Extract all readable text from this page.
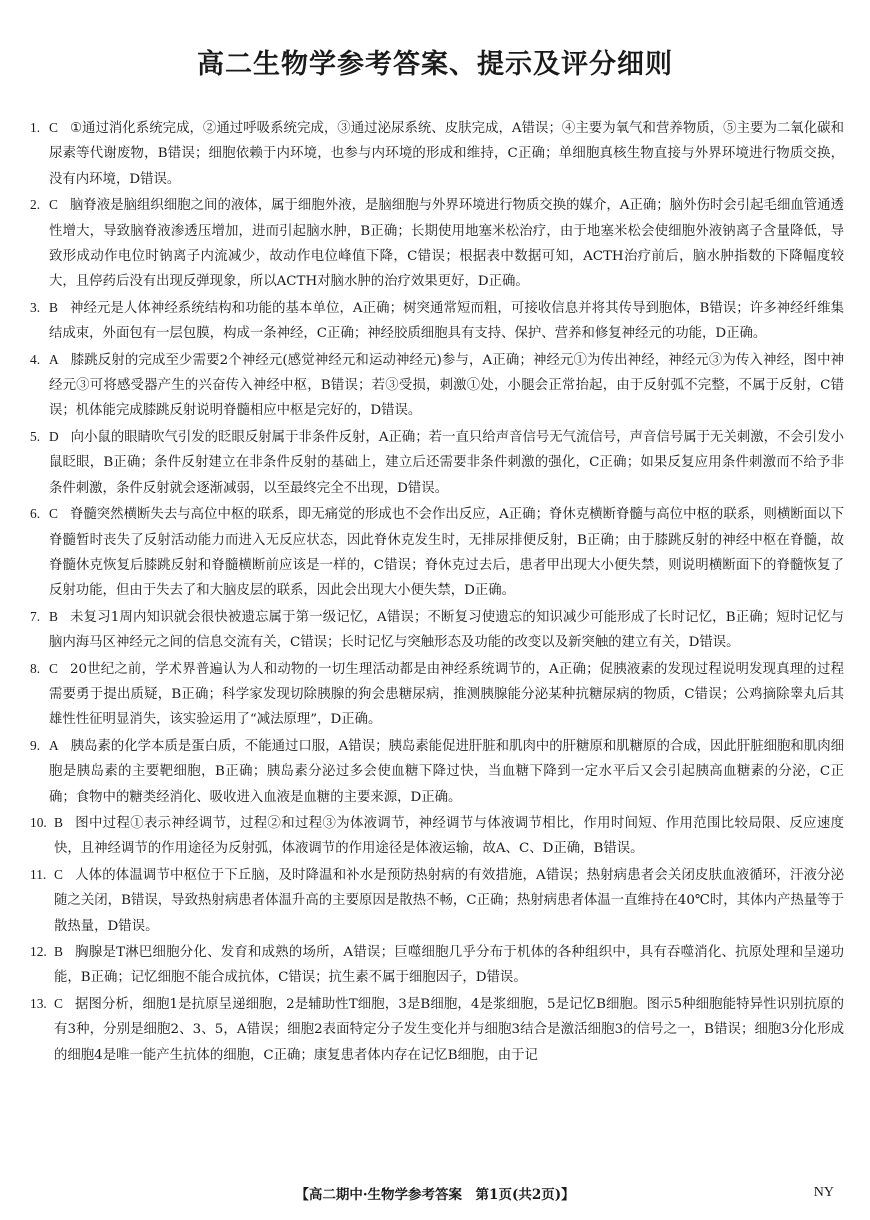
高二生物学参考答案、提示及评分细则
1. C ①通过消化系统完成，②通过呼吸系统完成，③通过泌尿系统、皮肤完成，A错误；④主要为氧气和营养物质，⑤主要为二氧化碳和尿素等代谢废物，B错误；细胞依赖于内环境，也参与内环境的形成和维持，C正确；单细胞真核生物直接与外界环境进行物质交换，没有内环境，D错误。
2. C 脑脊液是脑组织细胞之间的液体，属于细胞外液，是脑细胞与外界环境进行物质交换的媒介，A正确；脑外伤时会引起毛细血管通透性增大，导致脑脊液渗透压增加，进而引起脑水肿，B正确；长期使用地塞米松治疗，由于地塞米松会使细胞外液钠离子含量降低，导致形成动作电位时钠离子内流减少，故动作电位峰值下降，C错误；根据表中数据可知，ACTH治疗前后，脑水肿指数的下降幅度较大，且停药后没有出现反弹现象，所以ACTH对脑水肿的治疗效果更好，D正确。
3. B 神经元是人体神经系统结构和功能的基本单位，A正确；树突通常短而粗，可接收信息并将其传导到胞体，B错误；许多神经纤维集结成束，外面包有一层包膜，构成一条神经，C正确；神经胶质细胞具有支持、保护、营养和修复神经元的功能，D正确。
4. A 膝跳反射的完成至少需要2个神经元(感觉神经元和运动神经元)参与，A正确；神经元①为传出神经，神经元③为传入神经，图中神经元③可将感受器产生的兴奋传入神经中枢，B错误；若③受损，刺激①处，小腿会正常抬起，由于反射弧不完整，不属于反射，C错误；机体能完成膝跳反射说明脊髓相应中枢是完好的，D错误。
5. D 向小鼠的眼睛吹气引发的眨眼反射属于非条件反射，A正确；若一直只给声音信号无气流信号，声音信号属于无关刺激，不会引发小鼠眨眼，B正确；条件反射建立在非条件反射的基础上，建立后还需要非条件刺激的强化，C正确；如果反复应用条件刺激而不给予非条件刺激，条件反射就会逐渐减弱，以至最终完全不出现，D错误。
6. C 脊髓突然横断失去与高位中枢的联系，即无痛觉的形成也不会作出反应，A正确；脊休克横断脊髓与高位中枢的联系，则横断面以下脊髓暂时丧失了反射活动能力而进入无反应状态，因此脊休克发生时，无排尿排便反射，B正确；由于膝跳反射的神经中枢在脊髓，故脊髓休克恢复后膝跳反射和脊髓横断前应该是一样的，C错误；脊休克过去后，患者甲出现大小便失禁，则说明横断面下的脊髓恢复了反射功能，但由于失去了和大脑皮层的联系，因此会出现大小便失禁，D正确。
7. B 未复习1周内知识就会很快被遗忘属于第一级记忆，A错误；不断复习使遗忘的知识减少可能形成了长时记忆，B正确；短时记忆与脑内海马区神经元之间的信息交流有关，C错误；长时记忆与突触形态及功能的改变以及新突触的建立有关，D错误。
8. C 20世纪之前，学术界普遍认为人和动物的一切生理活动都是由神经系统调节的，A正确；促胰液素的发现过程说明发现真理的过程需要勇于提出质疑，B正确；科学家发现切除胰腺的狗会患糖尿病，推测胰腺能分泌某种抗糖尿病的物质，C错误；公鸡摘除睾丸后其雄性性征明显消失，该实验运用了“减法原理”，D正确。
9. A 胰岛素的化学本质是蛋白质，不能通过口服，A错误；胰岛素能促进肝脏和肌肉中的肝糖原和肌糖原的合成，因此肝脏细胞和肌肉细胞是胰岛素的主要靶细胞，B正确；胰岛素分泌过多会使血糖下降过快，当血糖下降到一定水平后又会引起胰高血糖素的分泌，C正确；食物中的糖类经消化、吸收进入血液是血糖的主要来源，D正确。
10. B 图中过程①表示神经调节，过程②和过程③为体液调节，神经调节与体液调节相比，作用时间短、作用范围比较局限、反应速度快，且神经调节的作用途径为反射弧，体液调节的作用途径是体液运输，故A、C、D正确，B错误。
11. C 人体的体温调节中枢位于下丘脑，及时降温和补水是预防热射病的有效措施，A错误；热射病患者会关闭皮肤血液循环，汗液分泌随之关闭，B错误，导致热射病患者体温升高的主要原因是散热不畅，C正确；热射病患者体温一直维持在40℃时，其体内产热量等于散热量，D错误。
12. B 胸腺是T淋巴细胞分化、发育和成熟的场所，A错误；巨噬细胞几乎分布于机体的各种组织中，具有吞噬消化、抗原处理和呈递功能，B正确；记忆细胞不能合成抗体，C错误；抗生素不属于细胞因子，D错误。
13. C 据图分析，细胞1是抗原呈递细胞，2是辅助性T细胞，3是B细胞，4是浆细胞，5是记忆B细胞。图示5种细胞能特异性识别抗原的有3种，分别是细胞2、3、5，A错误；细胞2表面特定分子发生变化并与细胞3结合是激活细胞3的信号之一，B错误；细胞3分化形成的细胞4是唯一能产生抗体的细胞，C正确；康复患者体内存在记忆B细胞，由于记
【高二期中·生物学参考答案　第1页(共2页)】	NY
